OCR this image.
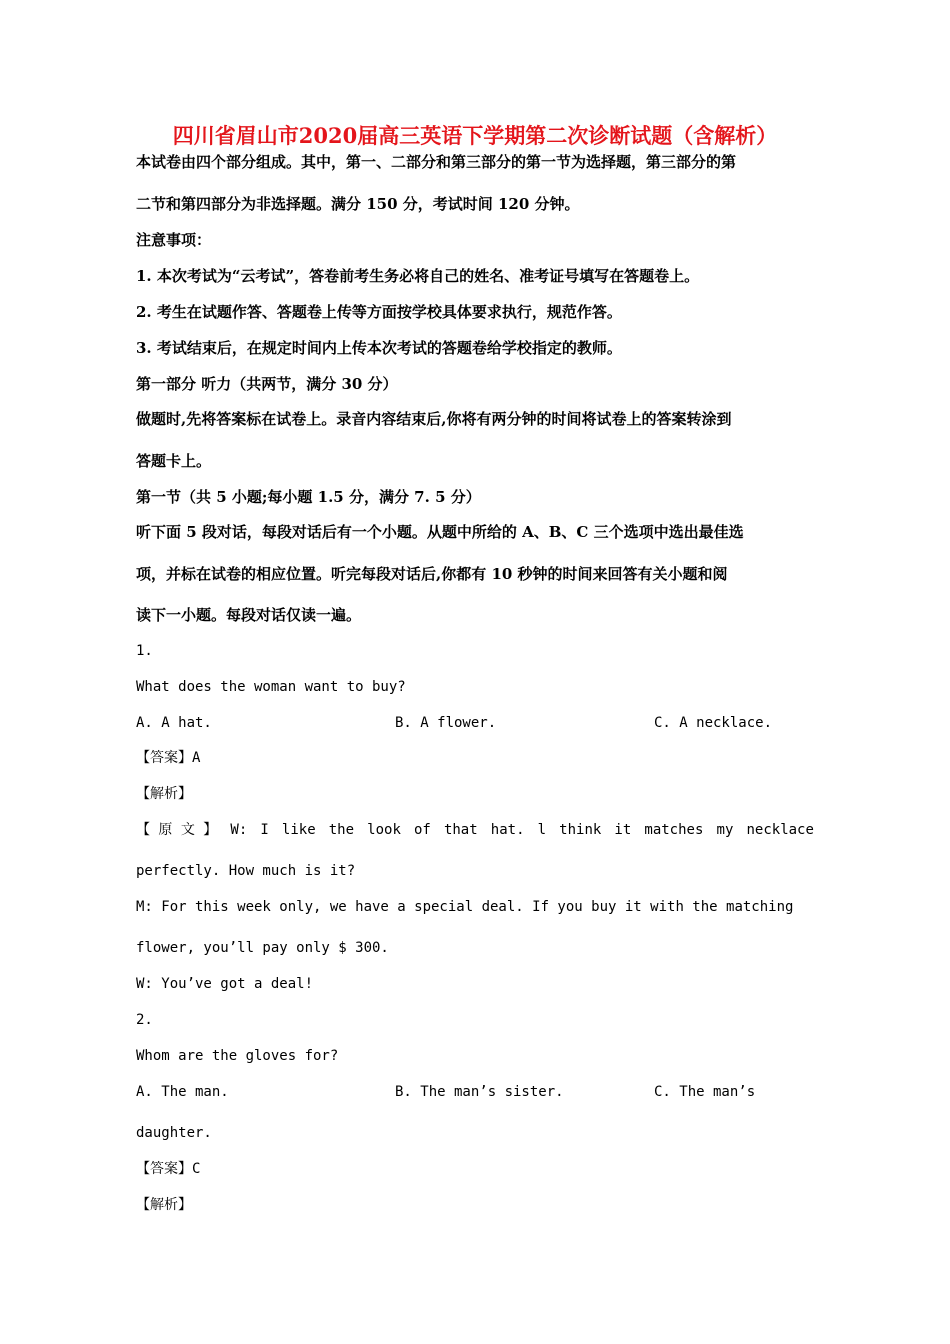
四川省眉山市2020届高三英语下学期第二次诊断试题（含解析）
本试卷由四个部分组成。其中，第一、二部分和第三部分的第一节为选择题，第三部分的第
二节和第四部分为非选择题。满分 150 分，考试时间 120 分钟。
注意事项：
1. 本次考试为“云考试”，答卷前考生务必将自己的姓名、准考证号填写在答题卷上。
2. 考生在试题作答、答题卷上传等方面按学校具体要求执行，规范作答。
3. 考试结束后，在规定时间内上传本次考试的答题卷给学校指定的教师。
第一部分 听力（共两节，满分 30 分）
做题时,先将答案标在试卷上。录音内容结束后,你将有两分钟的时间将试卷上的答案转涂到
答题卡上。
第一节（共 5 小题;每小题 1.5 分，满分 7. 5 分）
听下面 5 段对话，每段对话后有一个小题。从题中所给的 A、B、C 三个选项中选出最佳选
项，并标在试卷的相应位置。听完每段对话后,你都有 10 秒钟的时间来回答有关小题和阅
读下一小题。每段对话仅读一遍。
1.
What does the woman want to buy?
A. A hat.	B. A flower.	C. A necklace.
【答案】A
【解析】
【 原 文 】 W: I like the look of that hat. l think it matches my necklace
perfectly. How much is it?
M: For this week only, we have a special deal. If you buy it with the matching
flower, you’ll pay only $ 300.
W: You’ve got a deal!
2.
Whom are the gloves for?
A. The man.	B. The man’s sister.	C. The man’s
daughter.
【答案】C
【解析】
